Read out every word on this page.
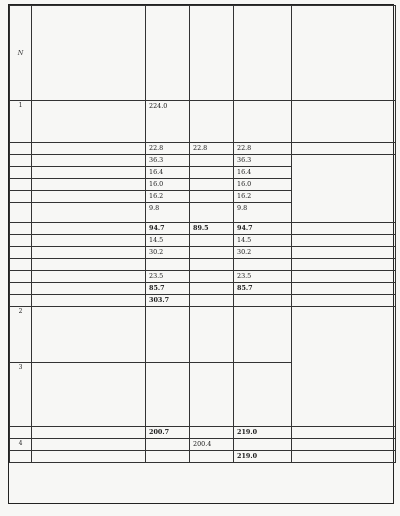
N		

1		224.0			
		22.8	22.8	22.8	
		36.3		36.3	
		16.4		16.4	
		16.0		16.0	
		16.2		16.2	
		9.8		9.8	
		94.7	89.5	94.7	
		14.5		14.5	
		30.2		30.2	

		23.5		23.5	
		85.7		85.7	
		303.7			
2					
3					
		200.7		219.0	
4			200.4		
				219.0	
